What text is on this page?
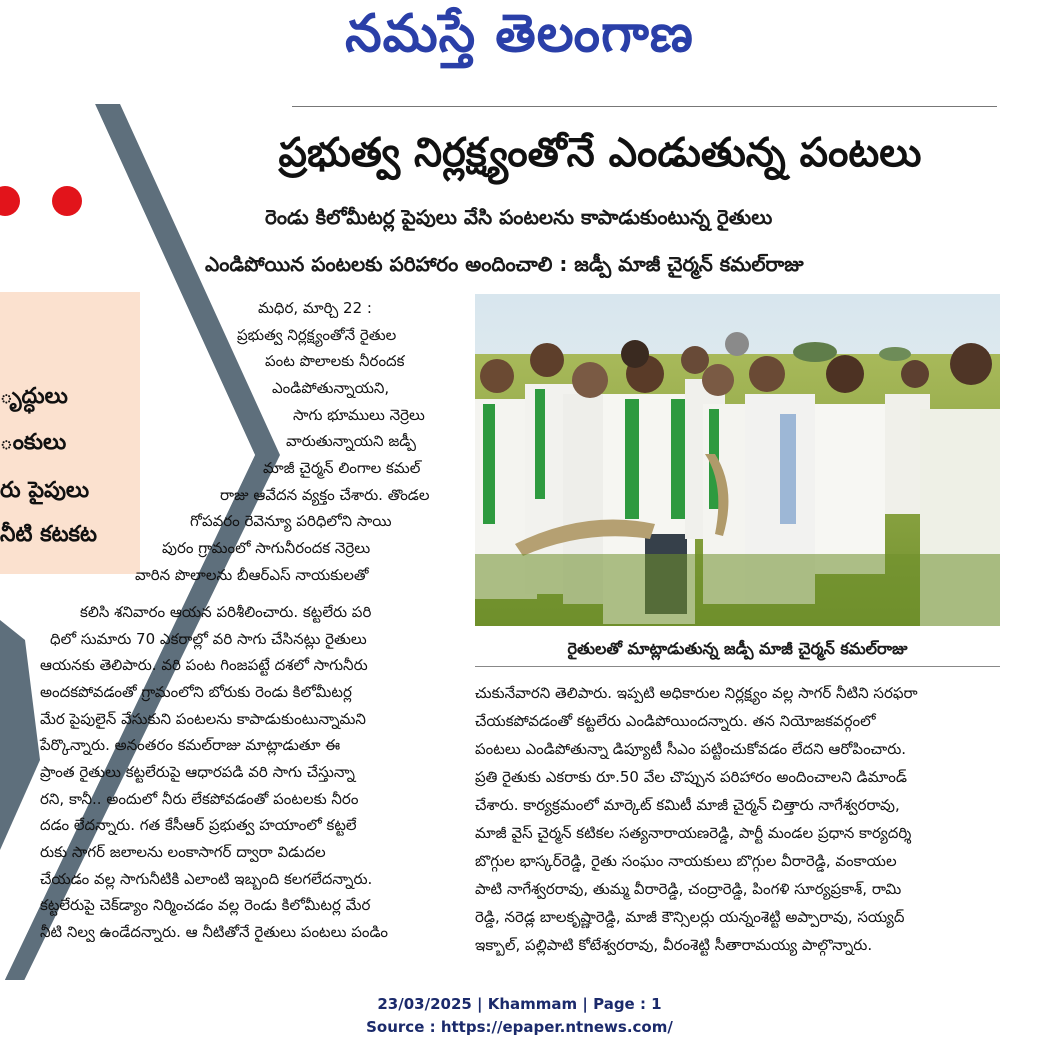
నమస్తే తెలంగాణ
ృద్ధులు
ంకులు
రు పైపులు
నీటి కటకట
ప్రభుత్వ నిర్లక్ష్యంతోనే ఎండుతున్న పంటలు
రెండు కిలోమీటర్ల పైపులు వేసి పంటలను కాపాడుకుంటున్న రైతులు
ఎండిపోయిన పంటలకు పరిహారం అందించాలి : జడ్పీ మాజీ చైర్మన్ కమల్‌రాజు
మధిర, మార్చి 22 :
ప్రభుత్వ నిర్లక్ష్యంతోనే రైతుల
పంట పొలాలకు నీరందక
ఎండిపోతున్నాయని,
సాగు భూములు నెర్రెలు
వారుతున్నాయని జడ్పీ
మాజీ చైర్మన్ లింగాల కమల్
రాజు ఆవేదన వ్యక్తం చేశారు. తొండల
గోపవరం రెవెన్యూ పరిధిలోని సాయి
పురం గ్రామంలో సాగునీరందక నెర్రెలు
వారిన పొలాలను బీఆర్‌ఎస్ నాయకులతో
కలిసి శనివారం ఆయన పరిశీలించారు. కట్టలేరు పరి
ధిలో సుమారు 70 ఎకరాల్లో వరి సాగు చేసినట్లు రైతులు
ఆయనకు తెలిపారు. వరి పంట గింజపట్టే దశలో సాగునీరు
అందకపోవడంతో గ్రామంలోని బోరుకు రెండు కిలోమీటర్ల
మేర పైపులైన్ వేసుకుని పంటలను కాపాడుకుంటున్నామని
పేర్కొన్నారు. అనంతరం కమల్‌రాజు మాట్లాడుతూ ఈ
ప్రాంత రైతులు కట్టలేరుపై ఆధారపడి వరి సాగు చేస్తున్నా
రని, కానీ.. అందులో నీరు లేకపోవడంతో పంటలకు నీరం
దడం లేదన్నారు. గత కేసీఆర్ ప్రభుత్వ హయాంలో కట్టలే
రుకు సాగర్ జలాలను లంకాసాగర్ ద్వారా విడుదల
చేయడం వల్ల సాగునీటికి ఎలాంటి ఇబ్బంది కలగలేదన్నారు.
కట్టలేరుపై చెక్‌డ్యాం నిర్మించడం వల్ల రెండు కిలోమీటర్ల మేర
నీటి నిల్వ ఉండేదన్నారు. ఆ నీటితోనే రైతులు పంటలు పండిం
రైతులతో మాట్లాడుతున్న జడ్పీ మాజీ చైర్మన్ కమల్‌రాజు
చుకునేవారని తెలిపారు. ఇప్పటి అధికారుల నిర్లక్ష్యం వల్ల సాగర్ నీటిని సరఫరా
చేయకపోవడంతో కట్టలేరు ఎండిపోయిందన్నారు. తన నియోజకవర్గంలో
పంటలు ఎండిపోతున్నా డిప్యూటీ సీఎం పట్టించుకోవడం లేదని ఆరోపించారు.
ప్రతి రైతుకు ఎకరాకు రూ.50 వేల చొప్పున పరిహారం అందించాలని డిమాండ్
చేశారు. కార్యక్రమంలో మార్కెట్ కమిటీ మాజీ చైర్మన్ చిత్తారు నాగేశ్వరరావు,
మాజీ వైస్ చైర్మన్ కటికల సత్యనారాయణరెడ్డి, పార్టీ మండల ప్రధాన కార్యదర్శి
బొగ్గుల భాస్కర్‌రెడ్డి, రైతు సంఘం నాయకులు బొగ్గుల వీరారెడ్డి, వంకాయల
పాటి నాగేశ్వరరావు, తుమ్మ వీరారెడ్డి, చంద్రారెడ్డి, పింగళి సూర్యప్రకాశ్, రామి
రెడ్డి, నరెడ్ల బాలకృష్ణారెడ్డి, మాజీ కౌన్సిలర్లు యన్నంశెట్టి అప్పారావు, సయ్యద్
ఇక్బాల్, పల్లిపాటి కోటేశ్వరరావు, వీరంశెట్టి సీతారామయ్య పాల్గొన్నారు.
23/03/2025 | Khammam | Page : 1
Source : https://epaper.ntnews.com/
